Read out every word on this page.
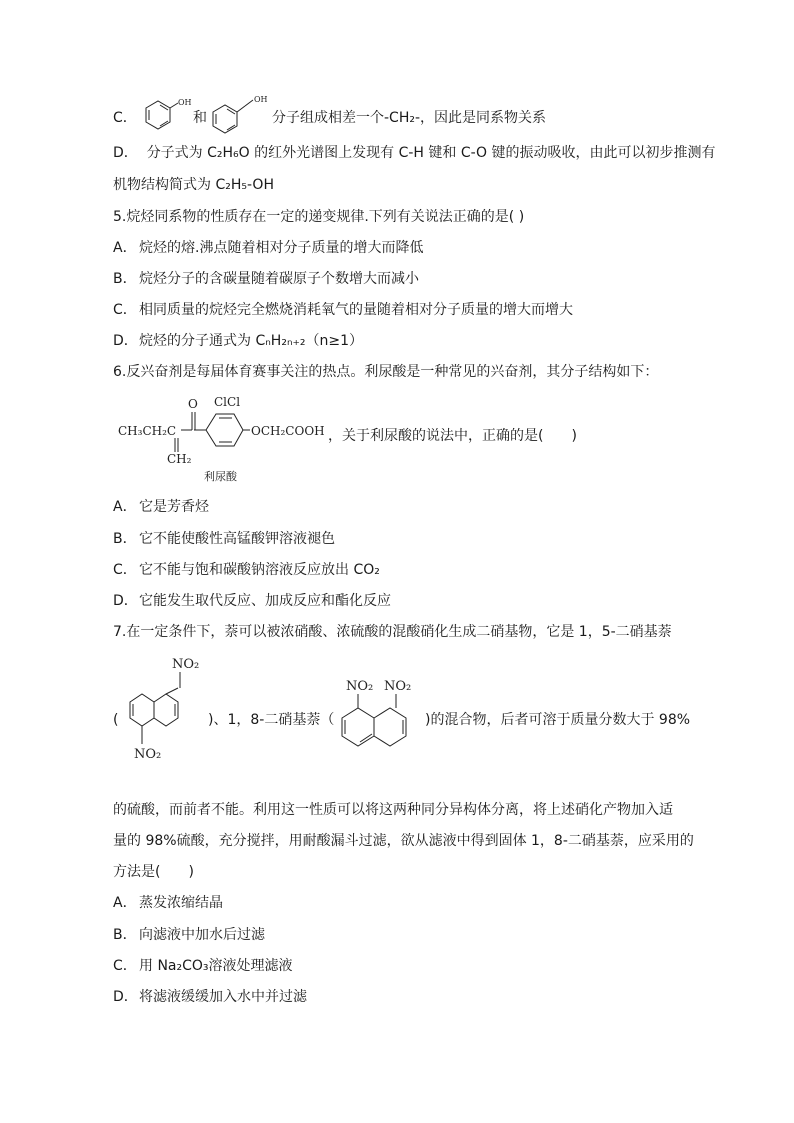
C．
OH
和
OH
分子组成相差一个-CH₂-，因此是同系物关系
D． 分子式为 C₂H₆O 的红外光谱图上发现有 C-H 键和 C-O 键的振动吸收，由此可以初步推测有
机物结构简式为 C₂H₅-OH
5.烷烃同系物的性质存在一定的递变规律.下列有关说法正确的是( )
A． 烷烃的熔.沸点随着相对分子质量的增大而降低
B． 烷烃分子的含碳量随着碳原子个数增大而减小
C． 相同质量的烷烃完全燃烧消耗氧气的量随着相对分子质量的增大而增大
D．烷烃的分子通式为 CₙH₂ₙ₊₂（n≥1）
6.反兴奋剂是每届体育赛事关注的热点。利尿酸是一种常见的兴奋剂，其分子结构如下：
CH₃CH₂C
CH₂
O ClCl
OCH₂COOH
利尿酸
，关于利尿酸的说法中，正确的是(　　)
A． 它是芳香烃
B． 它不能使酸性高锰酸钾溶液褪色
C． 它不能与饱和碳酸钠溶液反应放出 CO₂
D．它能发生取代反应、加成反应和酯化反应
7.在一定条件下，萘可以被浓硝酸、浓硫酸的混酸硝化生成二硝基物，它是 1，5-二硝基萘
(
NO₂
NO₂
)、1，8-二硝基萘（
NO₂ NO₂
)的混合物，后者可溶于质量分数大于 98%
的硫酸，而前者不能。利用这一性质可以将这两种同分异构体分离，将上述硝化产物加入适
量的 98%硫酸，充分搅拌，用耐酸漏斗过滤，欲从滤液中得到固体 1，8-二硝基萘，应采用的
方法是(　　)
A． 蒸发浓缩结晶
B． 向滤液中加水后过滤
C． 用 Na₂CO₃溶液处理滤液
D．将滤液缓缓加入水中并过滤
